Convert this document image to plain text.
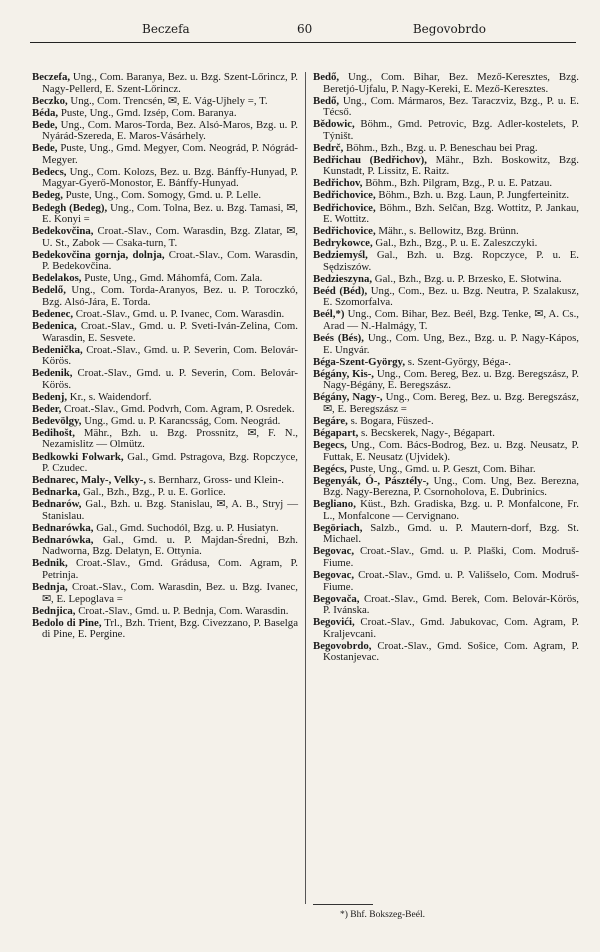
Beczefa	60	Begovobrdo
Beczefa, Ung., Com. Baranya, Bez. u. Bzg. Szent-Lőrincz, P. Nagy-Pellerd, E. Szent-Lőrincz.
Beczko, Ung., Com. Trencsén, ✉, E. Vág-Ujhely =, T.
Béda, Puste, Ung., Gmd. Izsép, Com. Baranya.
Bede, Ung., Com. Maros-Torda, Bez. Alsó-Maros, Bzg. u. P. Nyárád-Szereda, E. Maros-Vásárhely.
Bede, Puste, Ung., Gmd. Megyer, Com. Neográd, P. Nógrád-Megyer.
Bedecs, Ung., Com. Kolozs, Bez. u. Bzg. Bánffy-Hunyad, P. Magyar-Gyerő-Monostor, E. Bánffy-Hunyad.
Bedeg, Puste, Ung., Com. Somogy, Gmd. u. P. Lelle.
Bedegh (Bedeg), Ung., Com. Tolna, Bez. u. Bzg. Tamasi, ✉, E. Konyi =
Bedekovčina, Croat.-Slav., Com. Warasdin, Bzg. Zlatar, ✉, U. St., Zabok — Csaka-turn, T.
Bedekovčina gornja, dolnja, Croat.-Slav., Com. Warasdin, P. Bedekovčina.
Bedelakos, Puste, Ung., Gmd. Máhomfá, Com. Zala.
Bedelő, Ung., Com. Torda-Aranyos, Bez. u. P. Toroczkó, Bzg. Alsó-Jára, E. Torda.
Bedenec, Croat.-Slav., Gmd. u. P. Ivanec, Com. Warasdin.
Bedenica, Croat.-Slav., Gmd. u. P. Sveti-Iván-Zelina, Com. Warasdin, E. Sesvete.
Bedenička, Croat.-Slav., Gmd. u. P. Severin, Com. Belovár-Körös.
Bedenik, Croat.-Slav., Gmd. u. P. Severin, Com. Belovár-Körös.
Bedenj, Kr., s. Waidendorf.
Beder, Croat.-Slav., Gmd. Podvrh, Com. Agram, P. Osredek.
Bedevölgy, Ung., Gmd. u. P. Karancsság, Com. Neográd.
Bedihošt, Mähr., Bzh. u. Bzg. Prossnitz, ✉, F. N., Nezamislitz — Olmütz.
Bedkowki Folwark, Gal., Gmd. Pstragova, Bzg. Ropczyce, P. Czudec.
Bednarec, Maly-, Velky-, s. Bernharz, Gross- und Klein-.
Bednarka, Gal., Bzh., Bzg., P. u. E. Gorlice.
Bednarów, Gal., Bzh. u. Bzg. Stanislau, ✉, A. B., Stryj — Stanislau.
Bednarówka, Gal., Gmd. Suchodól, Bzg. u. P. Husiatyn.
Bednarówka, Gal., Gmd. u. P. Majdan-Średni, Bzh. Nadworna, Bzg. Delatyn, E. Ottynia.
Bednik, Croat.-Slav., Gmd. Grádusa, Com. Agram, P. Petrinja.
Bednja, Croat.-Slav., Com. Warasdin, Bez. u. Bzg. Ivanec, ✉, E. Lepoglava =
Bednjica, Croat.-Slav., Gmd. u. P. Bednja, Com. Warasdin.
Bedolo di Pine, Trl., Bzh. Trient, Bzg. Civezzano, P. Baselga di Pine, E. Pergine.
Bedő, Ung., Com. Bihar, Bez. Mező-Keresztes, Bzg. Beretjó-Ujfalu, P. Nagy-Kereki, E. Mező-Keresztes.
Bedő, Ung., Com. Mármaros, Bez. Taraczviz, Bzg., P. u. E. Técső.
Bědowic, Böhm., Gmd. Petrovic, Bzg. Adler-kostelets, P. Týništ.
Bedrč, Böhm., Bzh., Bzg. u. P. Beneschau bei Prag.
Bedřichau (Bedřichov), Mähr., Bzh. Boskowitz, Bzg. Kunstadt, P. Lissitz, E. Raitz.
Bedřichov, Böhm., Bzh. Pilgram, Bzg., P. u. E. Patzau.
Bedřichovice, Böhm., Bzh. u. Bzg. Laun, P. Jungferteinitz.
Bedřichovice, Böhm., Bzh. Selčan, Bzg. Wottitz, P. Jankau, E. Wottitz.
Bedřichovice, Mähr., s. Bellowitz, Bzg. Brünn.
Bedrykowce, Gal., Bzh., Bzg., P. u. E. Zaleszczyki.
Bedziemyśl, Gal., Bzh. u. Bzg. Ropczyce, P. u. E. Sędziszów.
Bedzieszyna, Gal., Bzh., Bzg. u. P. Brzesko, E. Słotwina.
Beéd (Béd), Ung., Com., Bez. u. Bzg. Neutra, P. Szalakusz, E. Szomorfalva.
Beél,*) Ung., Com. Bihar, Bez. Beél, Bzg. Tenke, ✉, A. Cs., Arad — N.-Halmágy, T.
Beés (Bés), Ung., Com. Ung, Bez., Bzg. u. P. Nagy-Kápos, E. Ungvár.
Béga-Szent-György, s. Szent-György, Béga-.
Bégány, Kis-, Ung., Com. Bereg, Bez. u. Bzg. Beregszász, P. Nagy-Bégány, E. Beregszász.
Bégány, Nagy-, Ung., Com. Bereg, Bez. u. Bzg. Beregszász, ✉, E. Beregszász =
Begáre, s. Bogara, Füszed-.
Bégapart, s. Becskerek, Nagy-, Bégapart.
Begecs, Ung., Com. Bács-Bodrog, Bez. u. Bzg. Neusatz, P. Futtak, E. Neusatz (Ujvidek).
Begécs, Puste, Ung., Gmd. u. P. Geszt, Com. Bihar.
Begenyák, Ó-, Pásztély-, Ung., Com. Ung, Bez. Berezna, Bzg. Nagy-Berezna, P. Csornoholova, E. Dubrinics.
Begliano, Küst., Bzh. Gradiska, Bzg. u. P. Monfalcone, Fr. L., Monfalcone — Cervignano.
Begöriach, Salzb., Gmd. u. P. Mautern-dorf, Bzg. St. Michael.
Begovac, Croat.-Slav., Gmd. u. P. Plaški, Com. Modruš-Fiume.
Begovac, Croat.-Slav., Gmd. u. P. Vališselo, Com. Modruš-Fiume.
Begovača, Croat.-Slav., Gmd. Berek, Com. Belovár-Körös, P. Ivánska.
Begovići, Croat.-Slav., Gmd. Jabukovac, Com. Agram, P. Kraljevcani.
Begovobrdo, Croat.-Slav., Gmd. Sošice, Com. Agram, P. Kostanjevac.
*) Bhf. Bokszeg-Beél.
